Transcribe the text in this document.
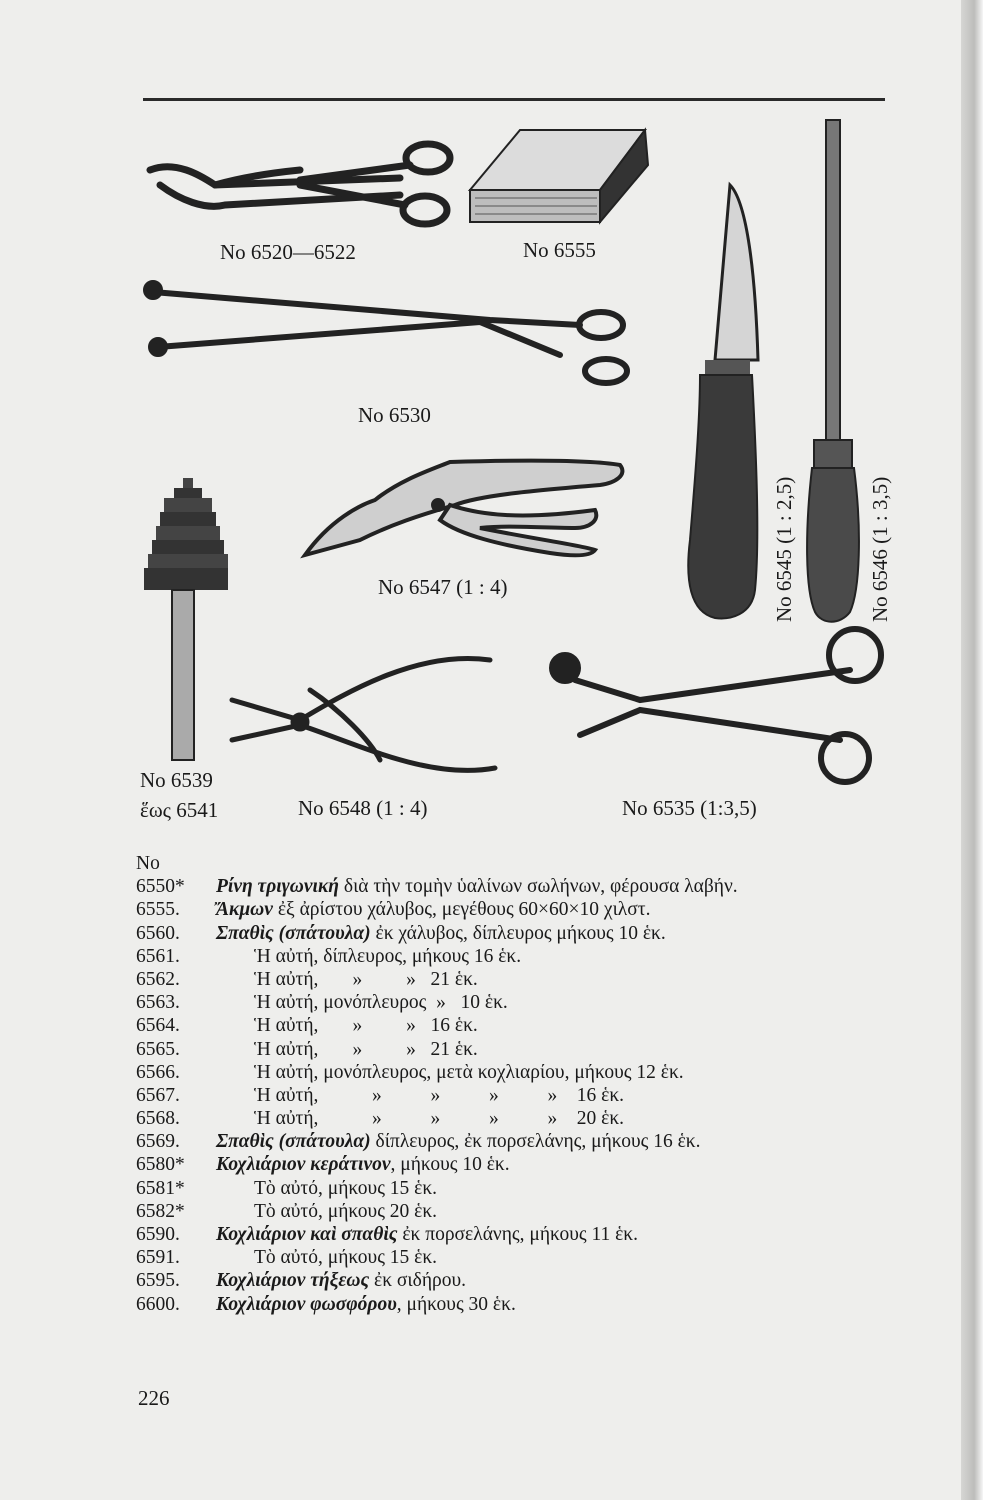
No 6520—6522	No 6555
No 6530
No 6547 (1 : 4)
No 6539
ἕως 6541	No 6548 (1 : 4)	No 6535 (1:3,5)
No 6545 (1 : 2,5)	No 6546 (1 : 3,5)
No
6550*	Ρίνη τριγωνική διὰ τὴν τομὴν ὑαλίνων σωλήνων, φέρουσα λαβήν.
6555.	Ἄκμων ἐξ ἀρίστου χάλυβος, μεγέθους 60×60×10 χιλστ.
6560.	Σπαθὶς (σπάτουλα) ἐκ χάλυβος, δίπλευρος μήκους 10 ἑκ.
6561.	Ἡ αὐτή, δίπλευρος, μήκους 16 ἑκ.
6562.	Ἡ αὐτή,       »         »   21 ἑκ.
6563.	Ἡ αὐτή, μονόπλευρος  »   10 ἑκ.
6564.	Ἡ αὐτή,       »         »   16 ἑκ.
6565.	Ἡ αὐτή,       »         »   21 ἑκ.
6566.	Ἡ αὐτή, μονόπλευρος, μετὰ κοχλιαρίου, μήκους 12 ἑκ.
6567.	Ἡ αὐτή,           »          »          »          »    16 ἑκ.
6568.	Ἡ αὐτή,           »          »          »          »    20 ἑκ.
6569.	Σπαθὶς (σπάτουλα) δίπλευρος, ἐκ πορσελάνης, μήκους 16 ἑκ.
6580*	Κοχλιάριον κεράτινον, μήκους 10 ἑκ.
6581*	Τὸ αὐτό, μήκους 15 ἑκ.
6582*	Τὸ αὐτό, μήκους 20 ἑκ.
6590.	Κοχλιάριον καὶ σπαθὶς ἐκ πορσελάνης, μήκους 11 ἑκ.
6591.	Τὸ αὐτό, μήκους 15 ἑκ.
6595.	Κοχλιάριον τήξεως ἐκ σιδήρου.
6600.	Κοχλιάριον φωσφόρου, μήκους 30 ἑκ.
226
